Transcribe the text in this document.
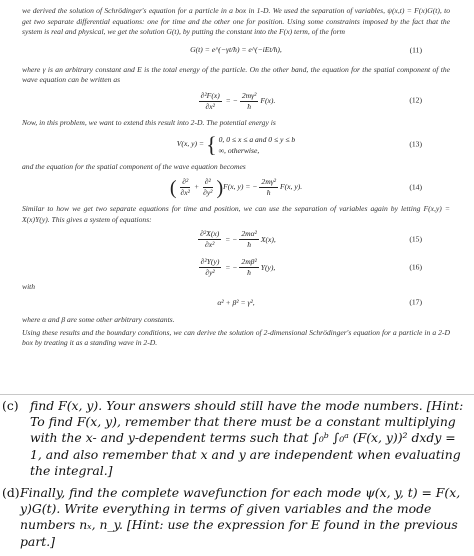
we derived the solution of Schrödinger's equation for a particle in a box in 1-D. We used the separation of variables, ψ(x,t) = F(x)G(t), to get two separate differential equations: one for time and the other one for position. Using some constraints imposed by the fact that the system is real and physical, we get the solution G(t), by putting the constant into the F(x) term, of the form

G(t) = e^(−γt/ħ) = e^(−iEt/ħ),	(11)

where γ is an arbitrary constant and E is the total energy of the particle. On the other band, the equation for the spatial component of the wave equation can be written as

$\frac{\text{∂²F(x)}}{\text{∂x²}}$ = − $\frac{\text{2mγ²}}{ħ} F(x)$.	(12)

Now, in this problem, we want to extend this result into 2-D. The potential energy is

V(x, y) = { 0, 0 ≤ x ≤ a and 0 ≤ y ≤ b
∞, otherwise,
(13)

and the equation for the spatial component of the wave equation becomes

( $\frac{\text{∂²}}{\text{∂x²}} + \frac{\text{∂²}}{\text{∂y²}}$ ) F(x, y) = − $\frac{\text{2mγ²}}{ħ} F(x$, y).	(14)

Similar to how we get two separate equations for time and position, we can use the separation of variables again by letting F(x,y) = X(x)Y(y). This gives a system of equations:

$\frac{\text{∂²X(x)}}{\text{∂x²}}$ = − $\frac{\text{2mα²}}{ħ} X(x)$,	(15)
$\frac{\text{∂²Y(y)}}{\text{∂y²}}$ = − $\frac{\text{2mβ²}}{ħ} Y(y)$,	(16)

with

α² + β² = γ²,	(17)

where α and β are some other arbitrary constants.

Using these results and the boundary conditions, we can derive the solution of 2-dimensional Schrödinger's equation for a particle in a 2-D box by treating it as a standing wave in 2-D.

(c) find F(x, y). Your answers should still have the mode numbers. [Hint: To find F(x, y), remember that there must be a constant multiplying with the x- and y-dependent terms such that ∫₀ᵇ ∫₀ᵃ (F(x, y))² dxdy = 1, and also remember that x and y are independent when evaluating the integral.]
(d) Finally, find the complete wavefunction for each mode ψ(x, y, t) = F(x, y)G(t). Write everything in terms of given variables and the mode numbers nₓ, n_y. [Hint: use the expression for E found in the previous part.]
